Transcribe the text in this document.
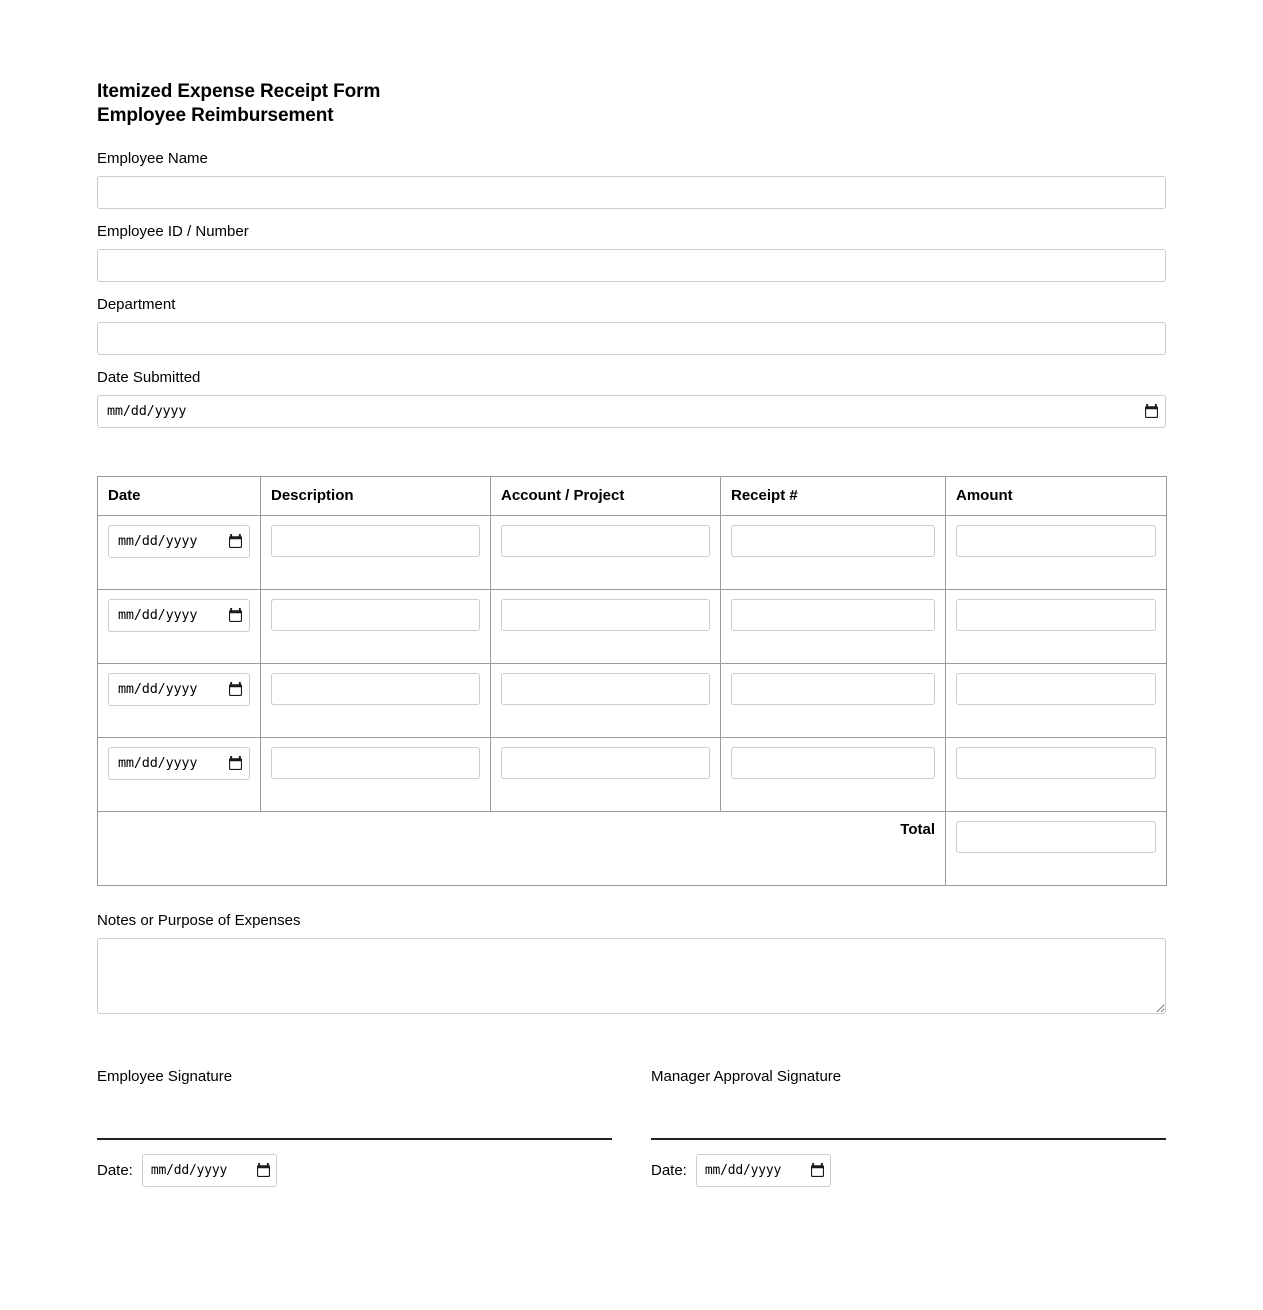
Itemized Expense Receipt Form
Employee Reimbursement
Employee Name
Employee ID / Number
Department
Date Submitted
mm/dd/yyyy
Date	Description	Account / Project	Receipt #	Amount

mm/dd/yyyy

mm/dd/yyyy

mm/dd/yyyy

mm/dd/yyyy

Total	
Notes or Purpose of Expenses
Employee Signature
Date: mm/dd/yyyy
Manager Approval Signature
Date: mm/dd/yyyy
